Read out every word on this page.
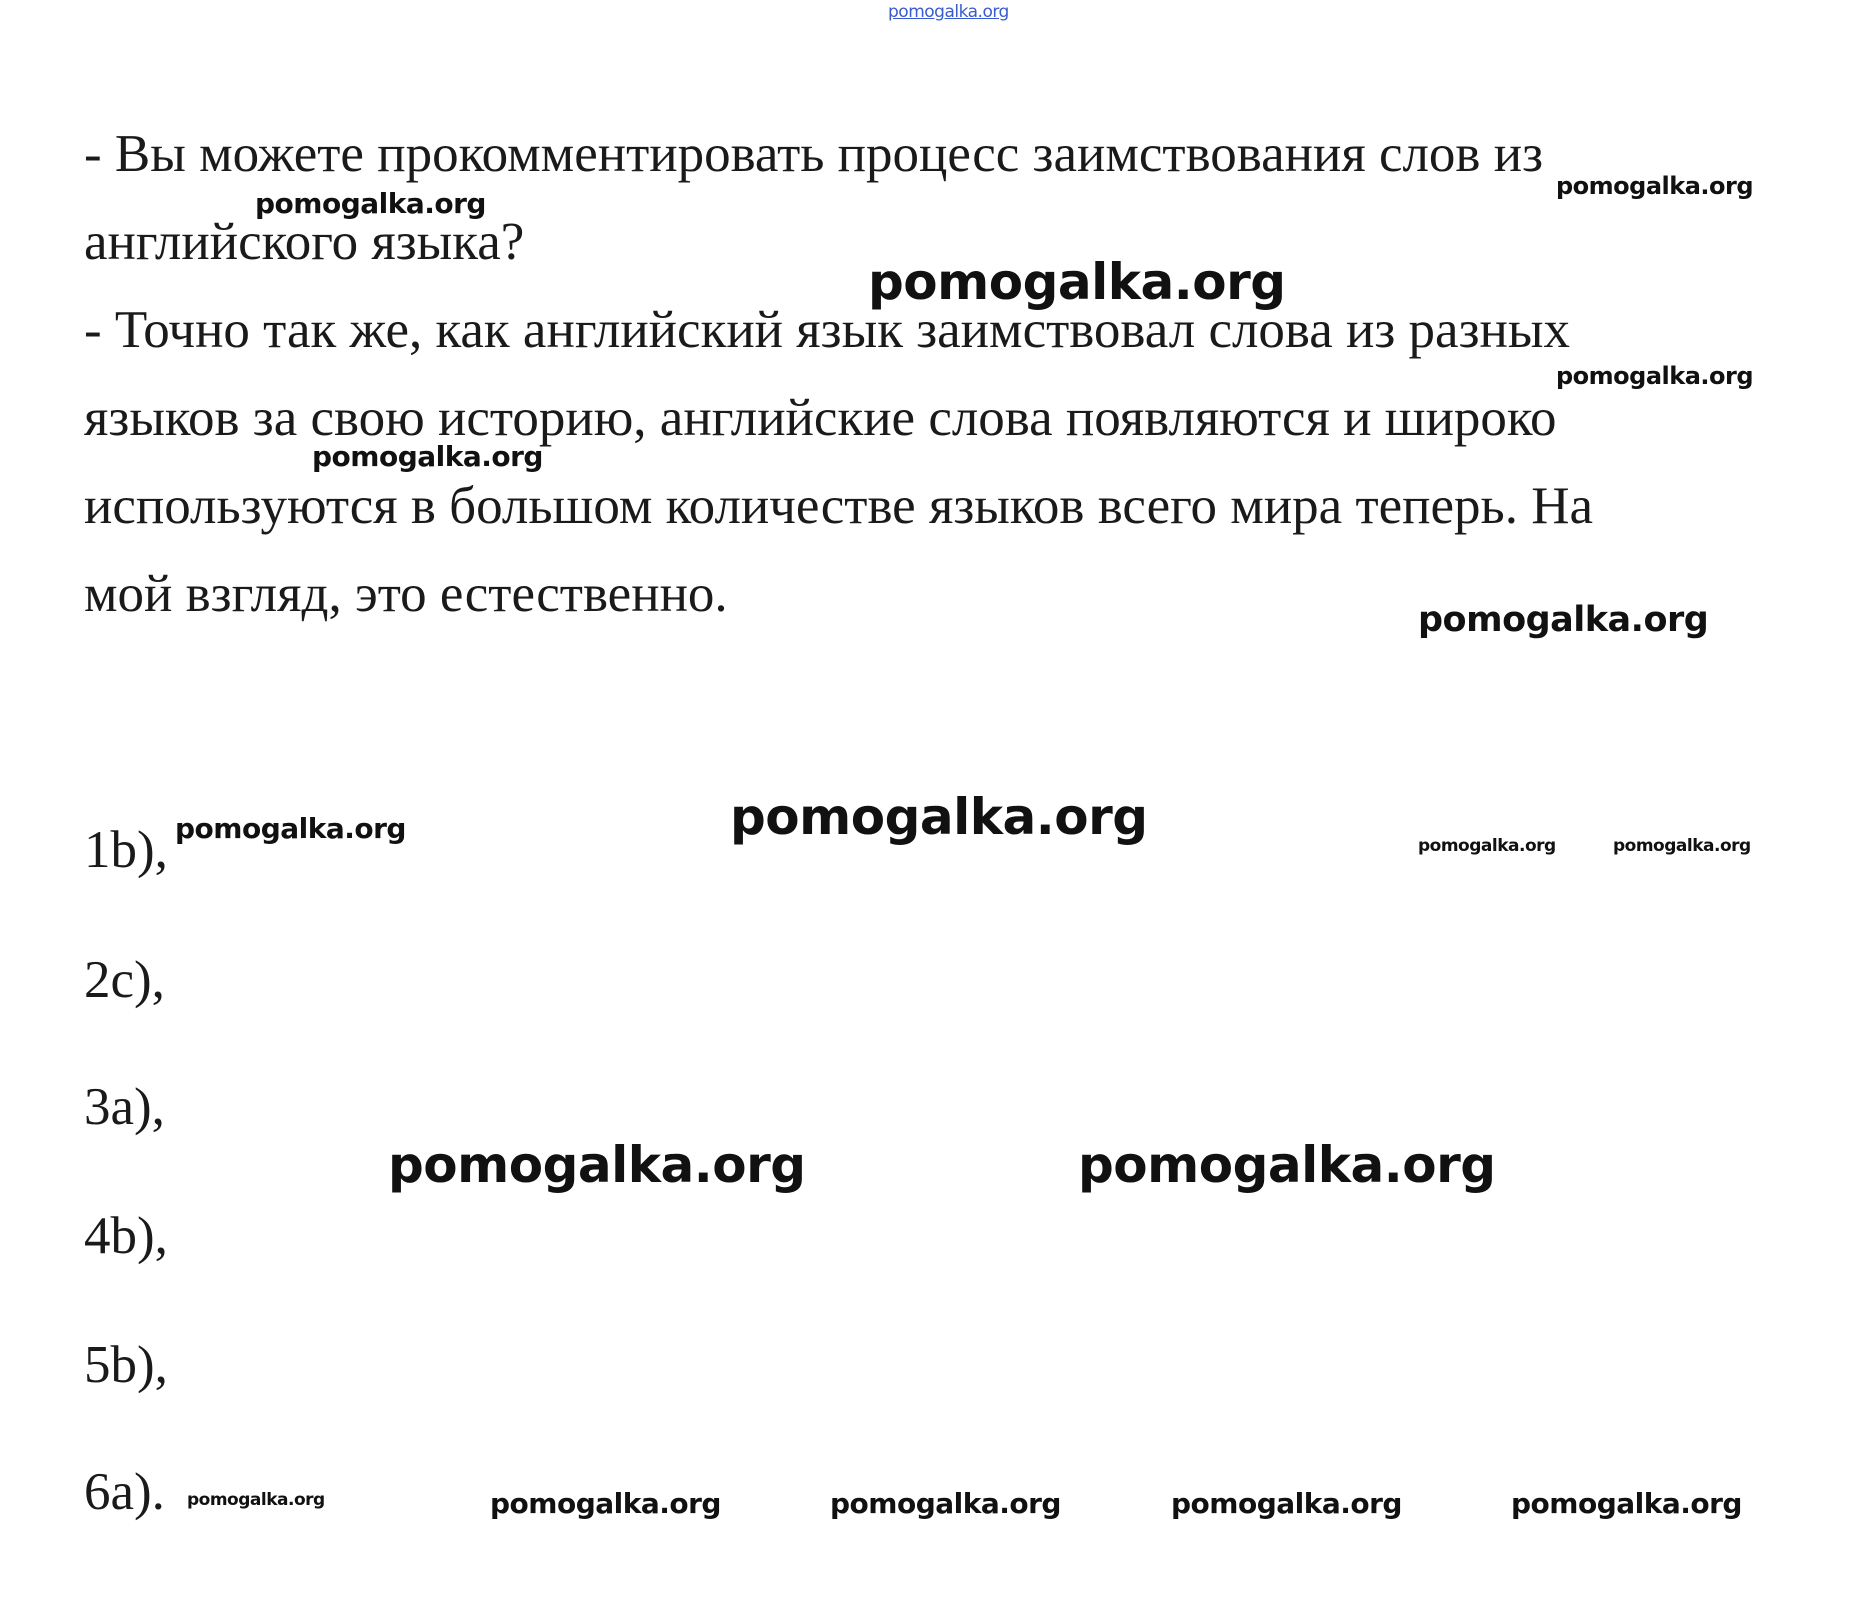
pomogalka.org
- Вы можете прокомментировать процесс заимствования слов из
английского языка?
- Точно так же, как английский язык заимствовал слова из разных
языков за свою историю, английские слова появляются и широко
используются в большом количестве языков всего мира теперь. На
мой взгляд, это естественно.
1b),
2c),
3a),
4b),
5b),
6a).
pomogalka.org
pomogalka.org
pomogalka.org
pomogalka.org
pomogalka.org
pomogalka.org
pomogalka.org	pomogalka.org	pomogalka.org	pomogalka.org
pomogalka.org	pomogalka.org
pomogalka.org	pomogalka.org	pomogalka.org	pomogalka.org	pomogalka.org
